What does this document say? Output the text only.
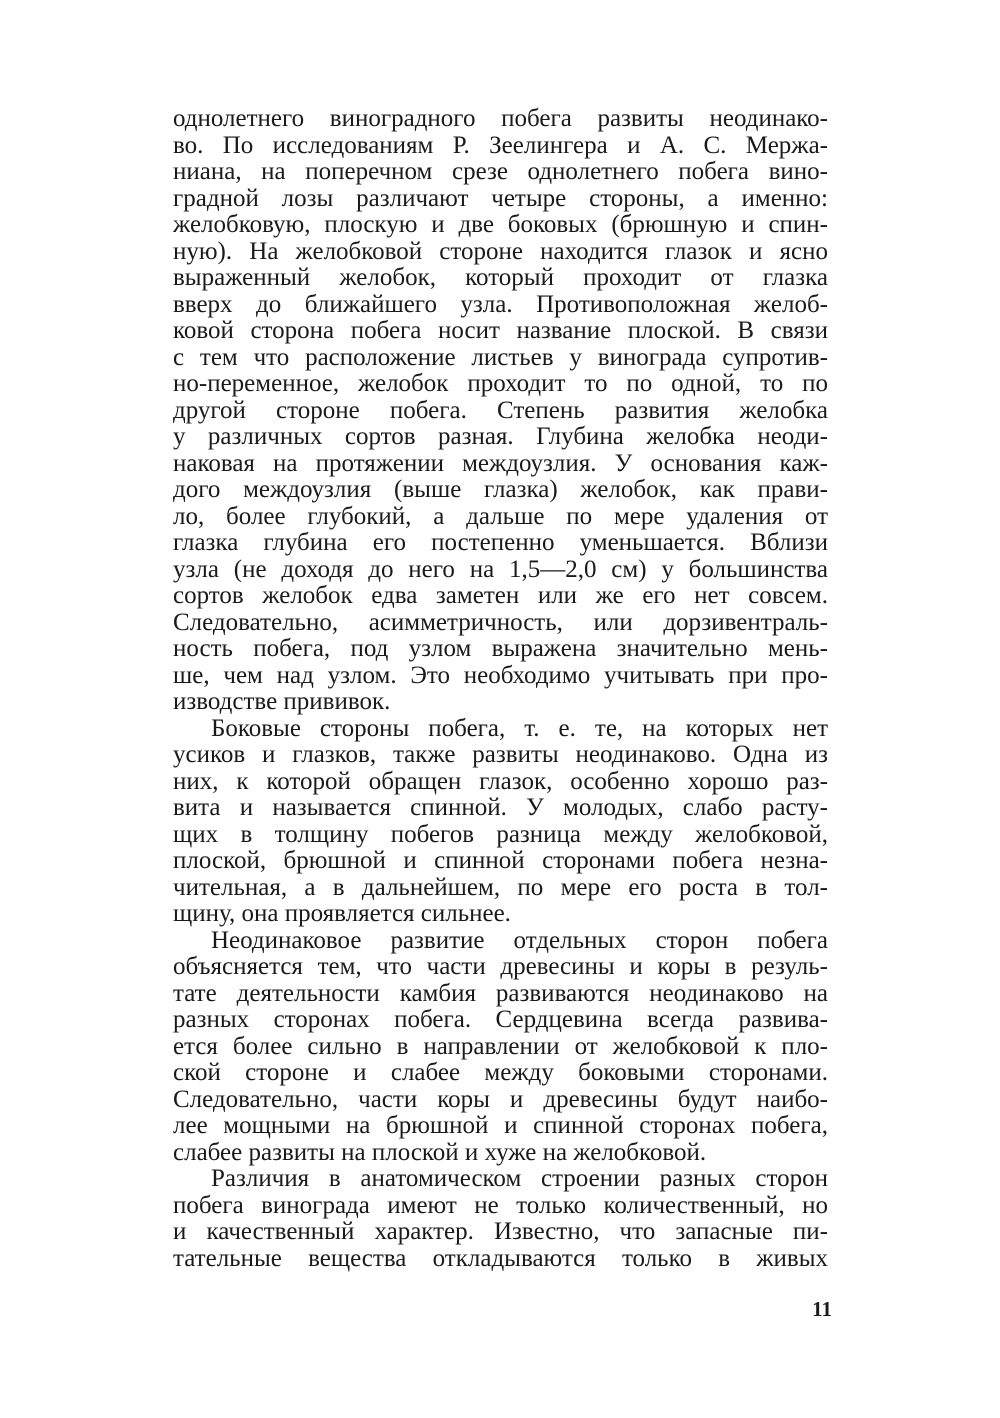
однолетнего виноградного побега развиты неодинако-
во. По исследованиям Р. Зеелингера и А. С. Мержа-
ниана, на поперечном срезе однолетнего побега вино-
градной лозы различают четыре стороны, а именно:
желобковую, плоскую и две боковых (брюшную и спин-
ную). На желобковой стороне находится глазок и ясно
выраженный желобок, который проходит от глазка
вверх до ближайшего узла. Противоположная желоб-
ковой сторона побега носит название плоской. В связи
с тем что расположение листьев у винограда супротив-
но-переменное, желобок проходит то по одной, то по
другой стороне побега. Степень развития желобка
у различных сортов разная. Глубина желобка неоди-
наковая на протяжении междоузлия. У основания каж-
дого междоузлия (выше глазка) желобок, как прави-
ло, более глубокий, а дальше по мере удаления от
глазка глубина его постепенно уменьшается. Вблизи
узла (не доходя до него на 1,5—2,0 см) у большинства
сортов желобок едва заметен или же его нет совсем.
Следовательно, асимметричность, или дорзивентраль-
ность побега, под узлом выражена значительно мень-
ше, чем над узлом. Это необходимо учитывать при про-
изводстве прививок.
Боковые стороны побега, т. е. те, на которых нет
усиков и глазков, также развиты неодинаково. Одна из
них, к которой обращен глазок, особенно хорошо раз-
вита и называется спинной. У молодых, слабо расту-
щих в толщину побегов разница между желобковой,
плоской, брюшной и спинной сторонами побега незна-
чительная, а в дальнейшем, по мере его роста в тол-
щину, она проявляется сильнее.
Неодинаковое развитие отдельных сторон побега
объясняется тем, что части древесины и коры в резуль-
тате деятельности камбия развиваются неодинаково на
разных сторонах побега. Сердцевина всегда развива-
ется более сильно в направлении от желобковой к пло-
ской стороне и слабее между боковыми сторонами.
Следовательно, части коры и древесины будут наибо-
лее мощными на брюшной и спинной сторонах побега,
слабее развиты на плоской и хуже на желобковой.
Различия в анатомическом строении разных сторон
побега винограда имеют не только количественный, но
и качественный характер. Известно, что запасные пи-
тательные вещества откладываются только в живых
11
